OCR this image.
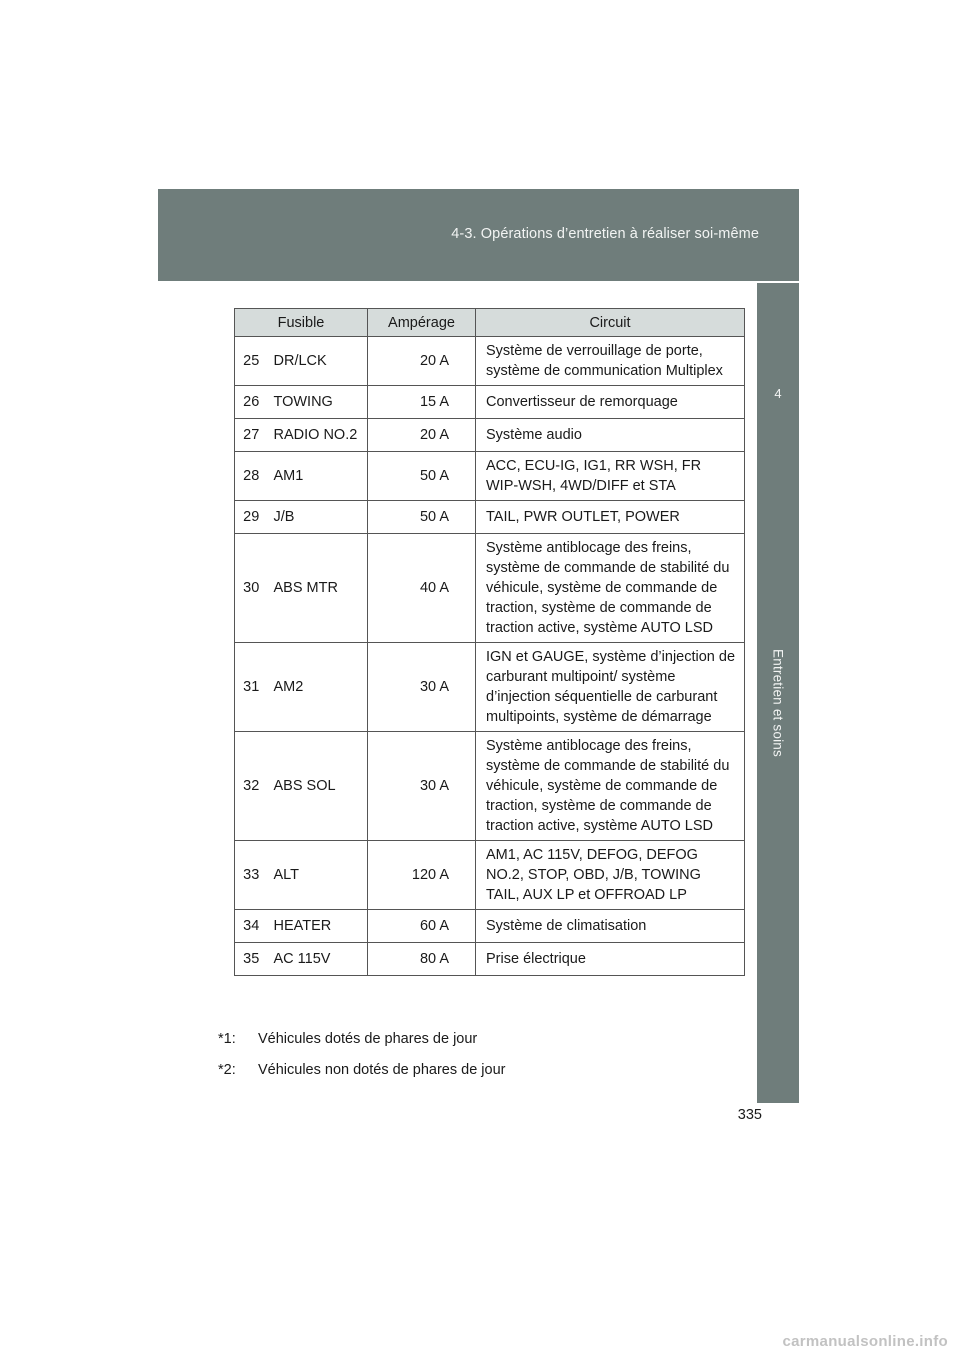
4-3. Opérations d’entretien à réaliser soi-même
4
Entretien et soins
Fusible		Ampérage	Circuit
25	DR/LCK	20 A	Système de verrouillage de porte, système de communication Multiplex
26	TOWING	15 A	Convertisseur de remorquage
27	RADIO NO.2	20 A	Système audio
28	AM1	50 A	ACC, ECU-IG, IG1, RR WSH, FR WIP-WSH, 4WD/DIFF et STA
29	J/B	50 A	TAIL, PWR OUTLET, POWER
30	ABS MTR	40 A	Système antiblocage des freins, système de commande de stabilité du véhicule, système de commande de traction, système de commande de traction active, système AUTO LSD
31	AM2	30 A	IGN et GAUGE, système d’injection de carburant multipoint/ système d’injection séquentielle de carburant multipoints, système de démarrage
32	ABS SOL	30 A	Système antiblocage des freins, système de commande de stabilité du véhicule, système de commande de traction, système de commande de traction active, système AUTO LSD
33	ALT	120 A	AM1, AC 115V, DEFOG, DEFOG NO.2, STOP, OBD, J/B, TOWING TAIL, AUX LP et OFFROAD LP
34	HEATER	60 A	Système de climatisation
35	AC 115V	80 A	Prise électrique

*1: Véhicules dotés de phares de jour

*2: Véhicules non dotés de phares de jour

335
carmanualsonline.info
